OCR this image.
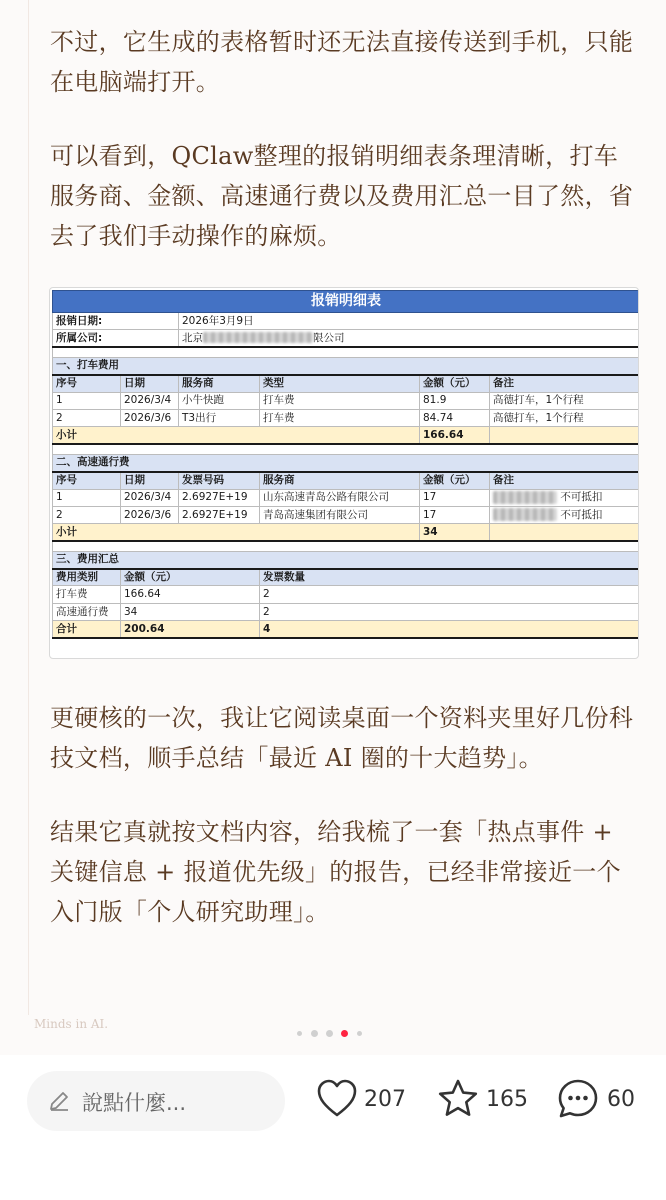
不过，它生成的表格暂时还无法直接传送到手机，只能在电脑端打开。

可以看到，QClaw整理的报销明细表条理清晰，打车服务商、金额、高速通行费以及费用汇总一目了然，省去了我们手动操作的麻烦。

报销明细表					
报销日期:		2026年3月9日			
所属公司:		北京 限公司			

一、打车费用					
序号	日期	服务商	类型	金额（元）	备注
1	2026/3/4	小牛快跑	打车费	81.9	高德打车，1个行程
2	2026/3/6	T3出行	打车费	84.74	高德打车，1个行程
小计				166.64	

二、高速通行费					
序号	日期	发票号码	服务商	金额（元）	备注
1	2026/3/4	2.6927E+19	山东高速青岛公路有限公司	17	不可抵扣
2	2026/3/6	2.6927E+19	青岛高速集团有限公司	17	不可抵扣
小计				34	

三、费用汇总					
费用类别	金额（元）		发票数量		
打车费	166.64		2		
高速通行费	34		2		
合计	200.64		4		

更硬核的一次，我让它阅读桌面一个资料夹里好几份科技文档，顺手总结「最近 AI 圈的十大趋势」。

结果它真就按文档内容，给我梳了一套「热点事件 + 关键信息 + 报道优先级」的报告，已经非常接近一个入门版「个人研究助理」。

Minds in AI.
說點什麼...	207	165	60
